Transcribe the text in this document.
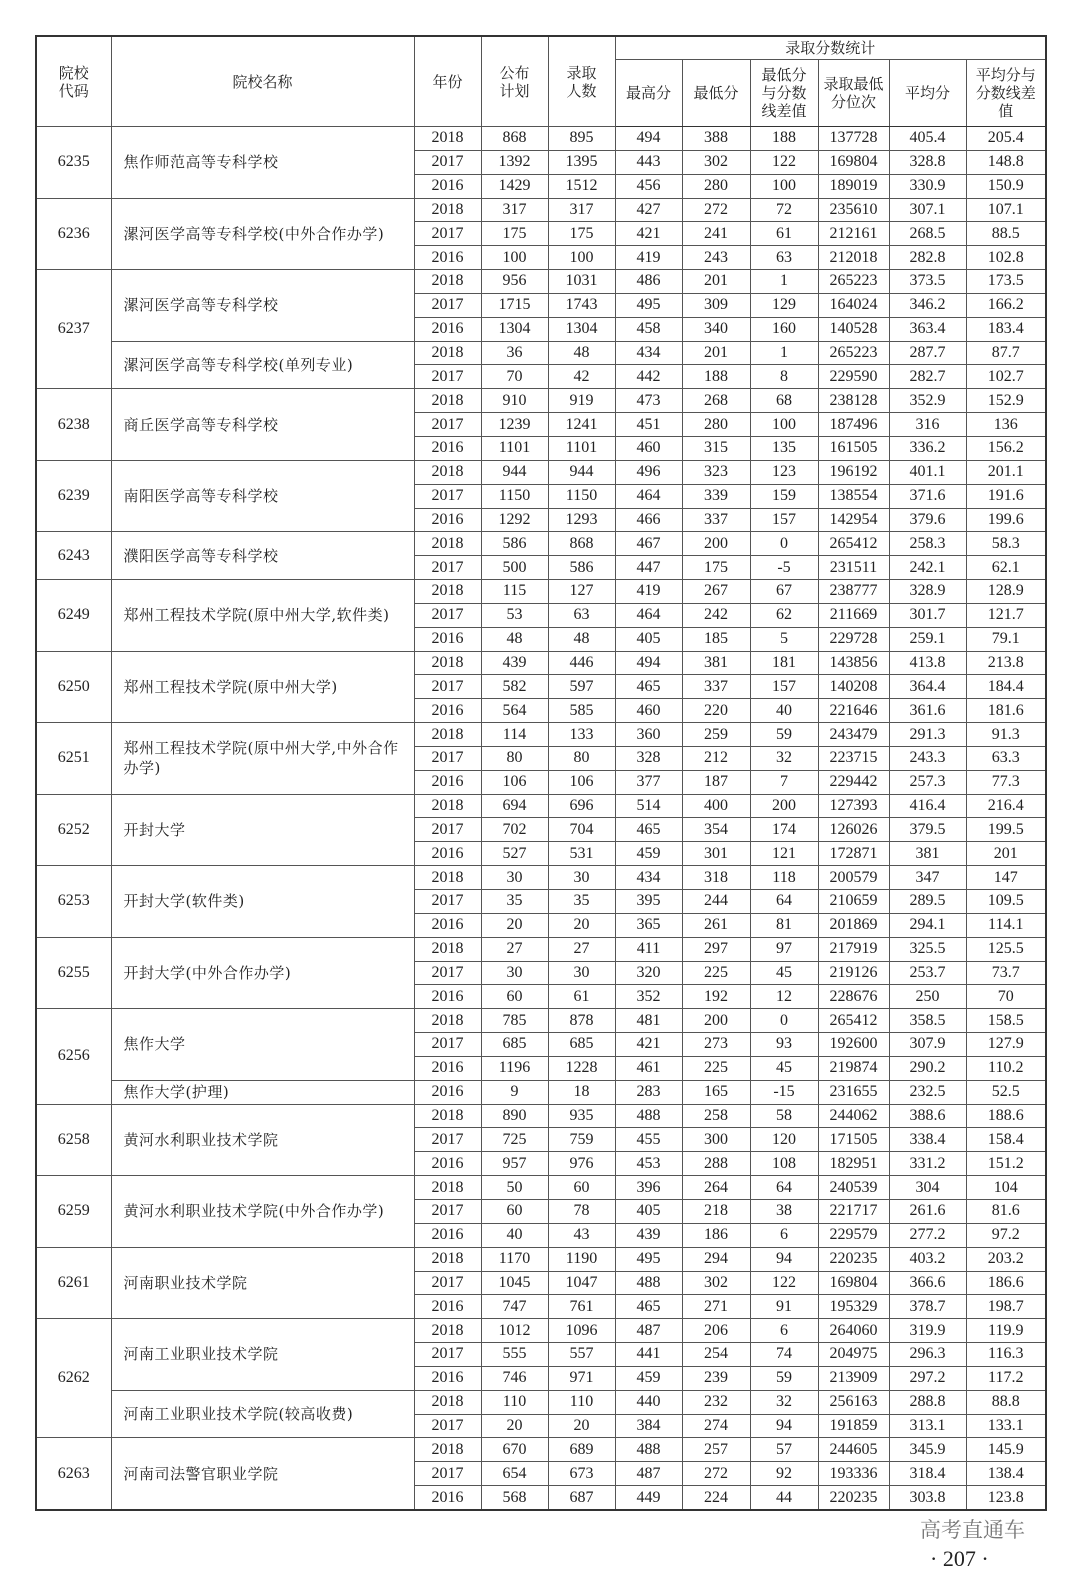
院校代码	院校名称	年份	公布计划	录取人数	录取分数统计					
					最高分	最低分	最低分与分数线差值	录取最低分位次	平均分	平均分与分数线差值
6235	焦作师范高等专科学校	2018	868	895	494	388	188	137728	405.4	205.4
		2017	1392	1395	443	302	122	169804	328.8	148.8
		2016	1429	1512	456	280	100	189019	330.9	150.9
6236	漯河医学高等专科学校(中外合作办学)	2018	317	317	427	272	72	235610	307.1	107.1
		2017	175	175	421	241	61	212161	268.5	88.5
		2016	100	100	419	243	63	212018	282.8	102.8
6237	漯河医学高等专科学校	2018	956	1031	486	201	1	265223	373.5	173.5
		2017	1715	1743	495	309	129	164024	346.2	166.2
		2016	1304	1304	458	340	160	140528	363.4	183.4
	漯河医学高等专科学校(单列专业)	2018	36	48	434	201	1	265223	287.7	87.7
		2017	70	42	442	188	8	229590	282.7	102.7
6238	商丘医学高等专科学校	2018	910	919	473	268	68	238128	352.9	152.9
		2017	1239	1241	451	280	100	187496	316	136
		2016	1101	1101	460	315	135	161505	336.2	156.2
6239	南阳医学高等专科学校	2018	944	944	496	323	123	196192	401.1	201.1
		2017	1150	1150	464	339	159	138554	371.6	191.6
		2016	1292	1293	466	337	157	142954	379.6	199.6
6243	濮阳医学高等专科学校	2018	586	868	467	200	0	265412	258.3	58.3
		2017	500	586	447	175	-5	231511	242.1	62.1
6249	郑州工程技术学院(原中州大学,软件类)	2018	115	127	419	267	67	238777	328.9	128.9
		2017	53	63	464	242	62	211669	301.7	121.7
		2016	48	48	405	185	5	229728	259.1	79.1
6250	郑州工程技术学院(原中州大学)	2018	439	446	494	381	181	143856	413.8	213.8
		2017	582	597	465	337	157	140208	364.4	184.4
		2016	564	585	460	220	40	221646	361.6	181.6
6251	郑州工程技术学院(原中州大学,中外合作办学)	2018	114	133	360	259	59	243479	291.3	91.3
		2017	80	80	328	212	32	223715	243.3	63.3
		2016	106	106	377	187	7	229442	257.3	77.3
6252	开封大学	2018	694	696	514	400	200	127393	416.4	216.4
		2017	702	704	465	354	174	126026	379.5	199.5
		2016	527	531	459	301	121	172871	381	201
6253	开封大学(软件类)	2018	30	30	434	318	118	200579	347	147
		2017	35	35	395	244	64	210659	289.5	109.5
		2016	20	20	365	261	81	201869	294.1	114.1
6255	开封大学(中外合作办学)	2018	27	27	411	297	97	217919	325.5	125.5
		2017	30	30	320	225	45	219126	253.7	73.7
		2016	60	61	352	192	12	228676	250	70
6256	焦作大学	2018	785	878	481	200	0	265412	358.5	158.5
		2017	685	685	421	273	93	192600	307.9	127.9
		2016	1196	1228	461	225	45	219874	290.2	110.2
	焦作大学(护理)	2016	9	18	283	165	-15	231655	232.5	52.5
6258	黄河水利职业技术学院	2018	890	935	488	258	58	244062	388.6	188.6
		2017	725	759	455	300	120	171505	338.4	158.4
		2016	957	976	453	288	108	182951	331.2	151.2
6259	黄河水利职业技术学院(中外合作办学)	2018	50	60	396	264	64	240539	304	104
		2017	60	78	405	218	38	221717	261.6	81.6
		2016	40	43	439	186	6	229579	277.2	97.2
6261	河南职业技术学院	2018	1170	1190	495	294	94	220235	403.2	203.2
		2017	1045	1047	488	302	122	169804	366.6	186.6
		2016	747	761	465	271	91	195329	378.7	198.7
6262	河南工业职业技术学院	2018	1012	1096	487	206	6	264060	319.9	119.9
		2017	555	557	441	254	74	204975	296.3	116.3
		2016	746	971	459	239	59	213909	297.2	117.2
	河南工业职业技术学院(较高收费)	2018	110	110	440	232	32	256163	288.8	88.8
		2017	20	20	384	274	94	191859	313.1	133.1
6263	河南司法警官职业学院	2018	670	689	488	257	57	244605	345.9	145.9
		2017	654	673	487	272	92	193336	318.4	138.4
		2016	568	687	449	224	44	220235	303.8	123.8
高考直通车
· 207 ·
